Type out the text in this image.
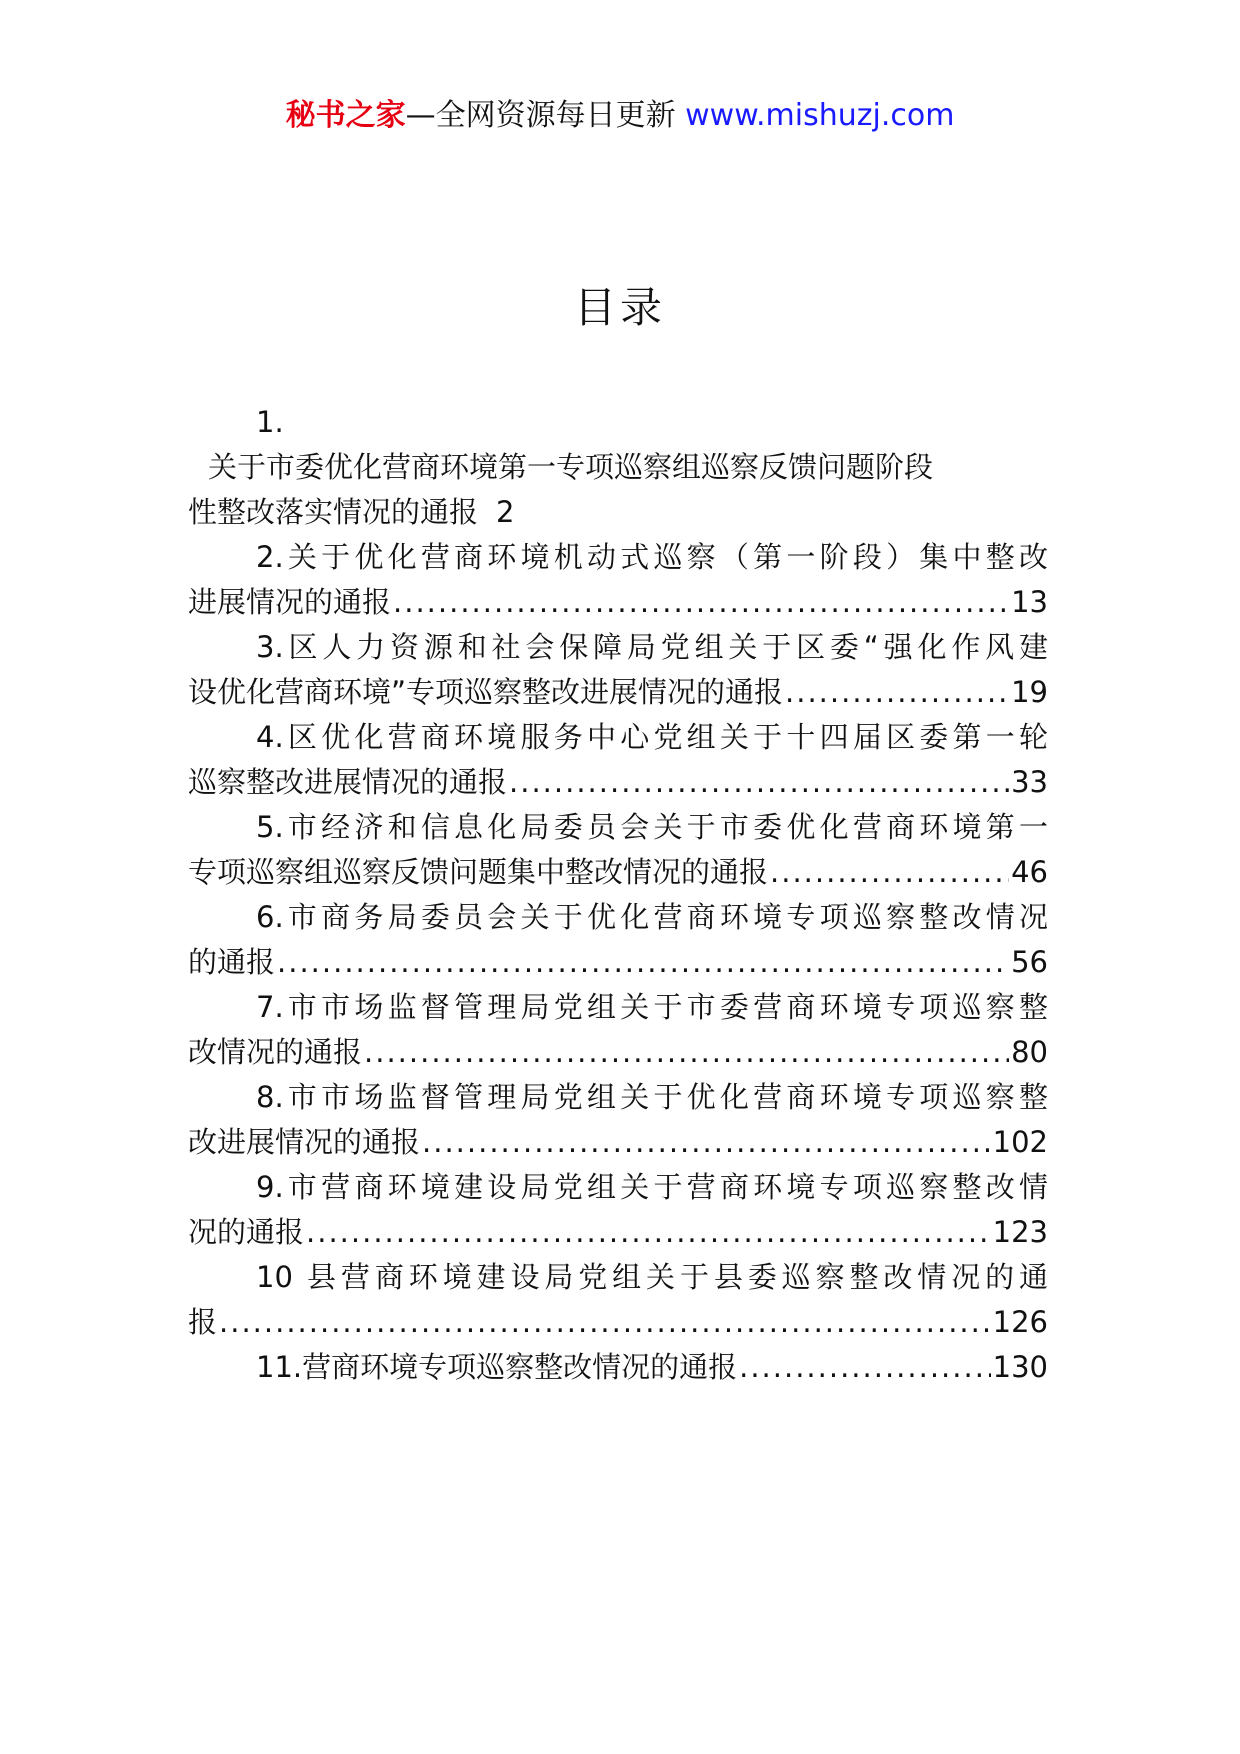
秘书之家—全网资源每日更新 www.mishuzj.com
目录
1.
关于市委优化营商环境第一专项巡察组巡察反馈问题阶段
性整改落实情况的通报 2
2.关于优化营商环境机动式巡察（第一阶段）集中整改
进展情况的通报 .....	13
3.区人力资源和社会保障局党组关于区委“强化作风建
设优化营商环境”专项巡察整改进展情况的通报 .....	19
4.区优化营商环境服务中心党组关于十四届区委第一轮
巡察整改进展情况的通报 .....	33
5.市经济和信息化局委员会关于市委优化营商环境第一
专项巡察组巡察反馈问题集中整改情况的通报 .....	46
6.市商务局委员会关于优化营商环境专项巡察整改情况
的通报 .....	56
7.市市场监督管理局党组关于市委营商环境专项巡察整
改情况的通报 .....	80
8.市市场监督管理局党组关于优化营商环境专项巡察整
改进展情况的通报 .....	102
9.市营商环境建设局党组关于营商环境专项巡察整改情
况的通报 .....	123
10 县营商环境建设局党组关于县委巡察整改情况的通
报 .....	126
11.营商环境专项巡察整改情况的通报 .....	130
